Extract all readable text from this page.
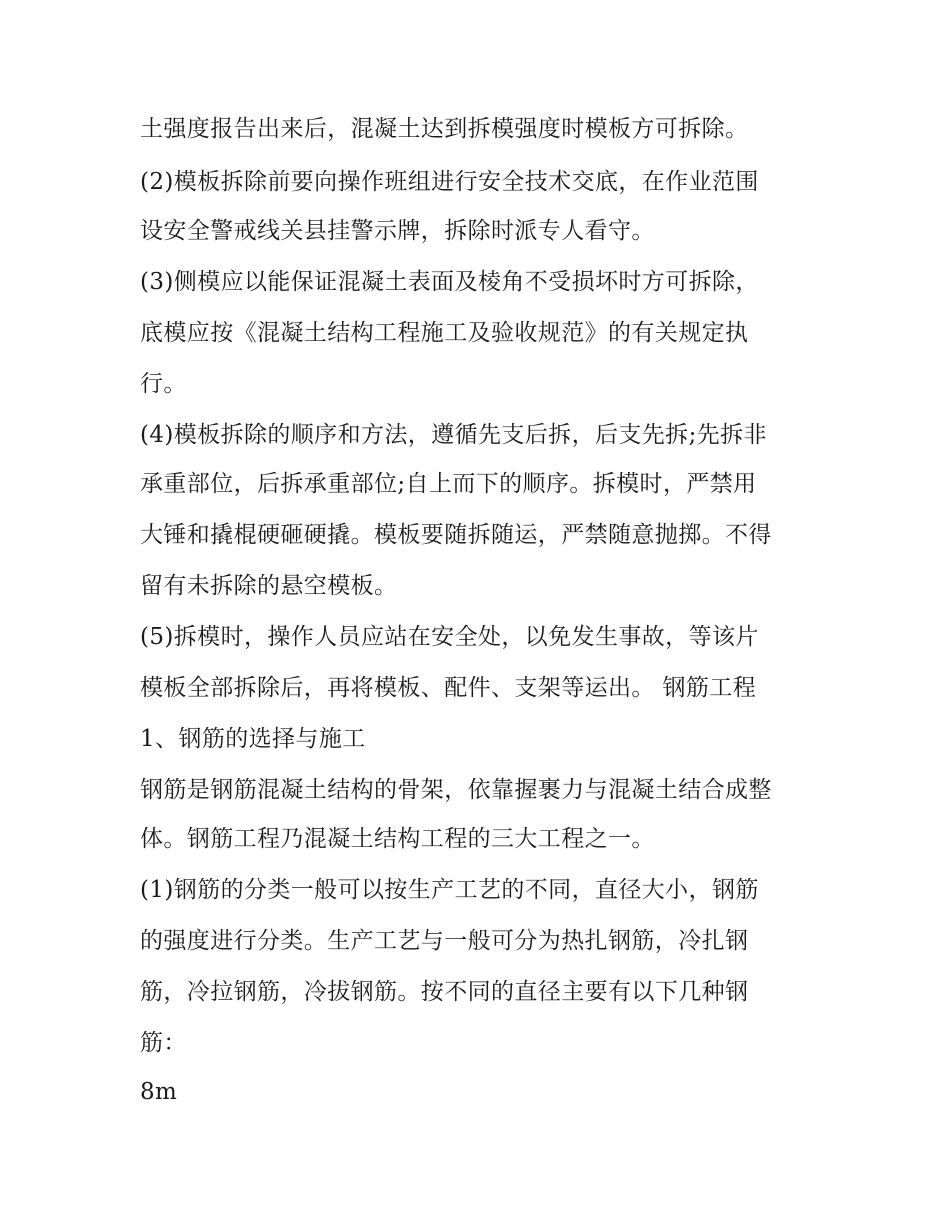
土强度报告出来后，混凝土达到拆模强度时模板方可拆除。
(2)模板拆除前要向操作班组进行安全技术交底，在作业范围
设安全警戒线关县挂警示牌，拆除时派专人看守。
(3)侧模应以能保证混凝土表面及棱角不受损坏时方可拆除，
底模应按《混凝土结构工程施工及验收规范》的有关规定执
行。
(4)模板拆除的顺序和方法，遵循先支后拆，后支先拆;先拆非
承重部位，后拆承重部位;自上而下的顺序。拆模时，严禁用
大锤和撬棍硬砸硬撬。模板要随拆随运，严禁随意抛掷。不得
留有未拆除的悬空模板。
(5)拆模时，操作人员应站在安全处，以免发生事故，等该片
模板全部拆除后，再将模板、配件、支架等运出。 钢筋工程
1、钢筋的选择与施工
钢筋是钢筋混凝土结构的骨架，依靠握裹力与混凝土结合成整
体。钢筋工程乃混凝土结构工程的三大工程之一。
(1)钢筋的分类一般可以按生产工艺的不同，直径大小，钢筋
的强度进行分类。生产工艺与一般可分为热扎钢筋，冷扎钢
筋，冷拉钢筋，冷拔钢筋。按不同的直径主要有以下几种钢
筋：
8m
